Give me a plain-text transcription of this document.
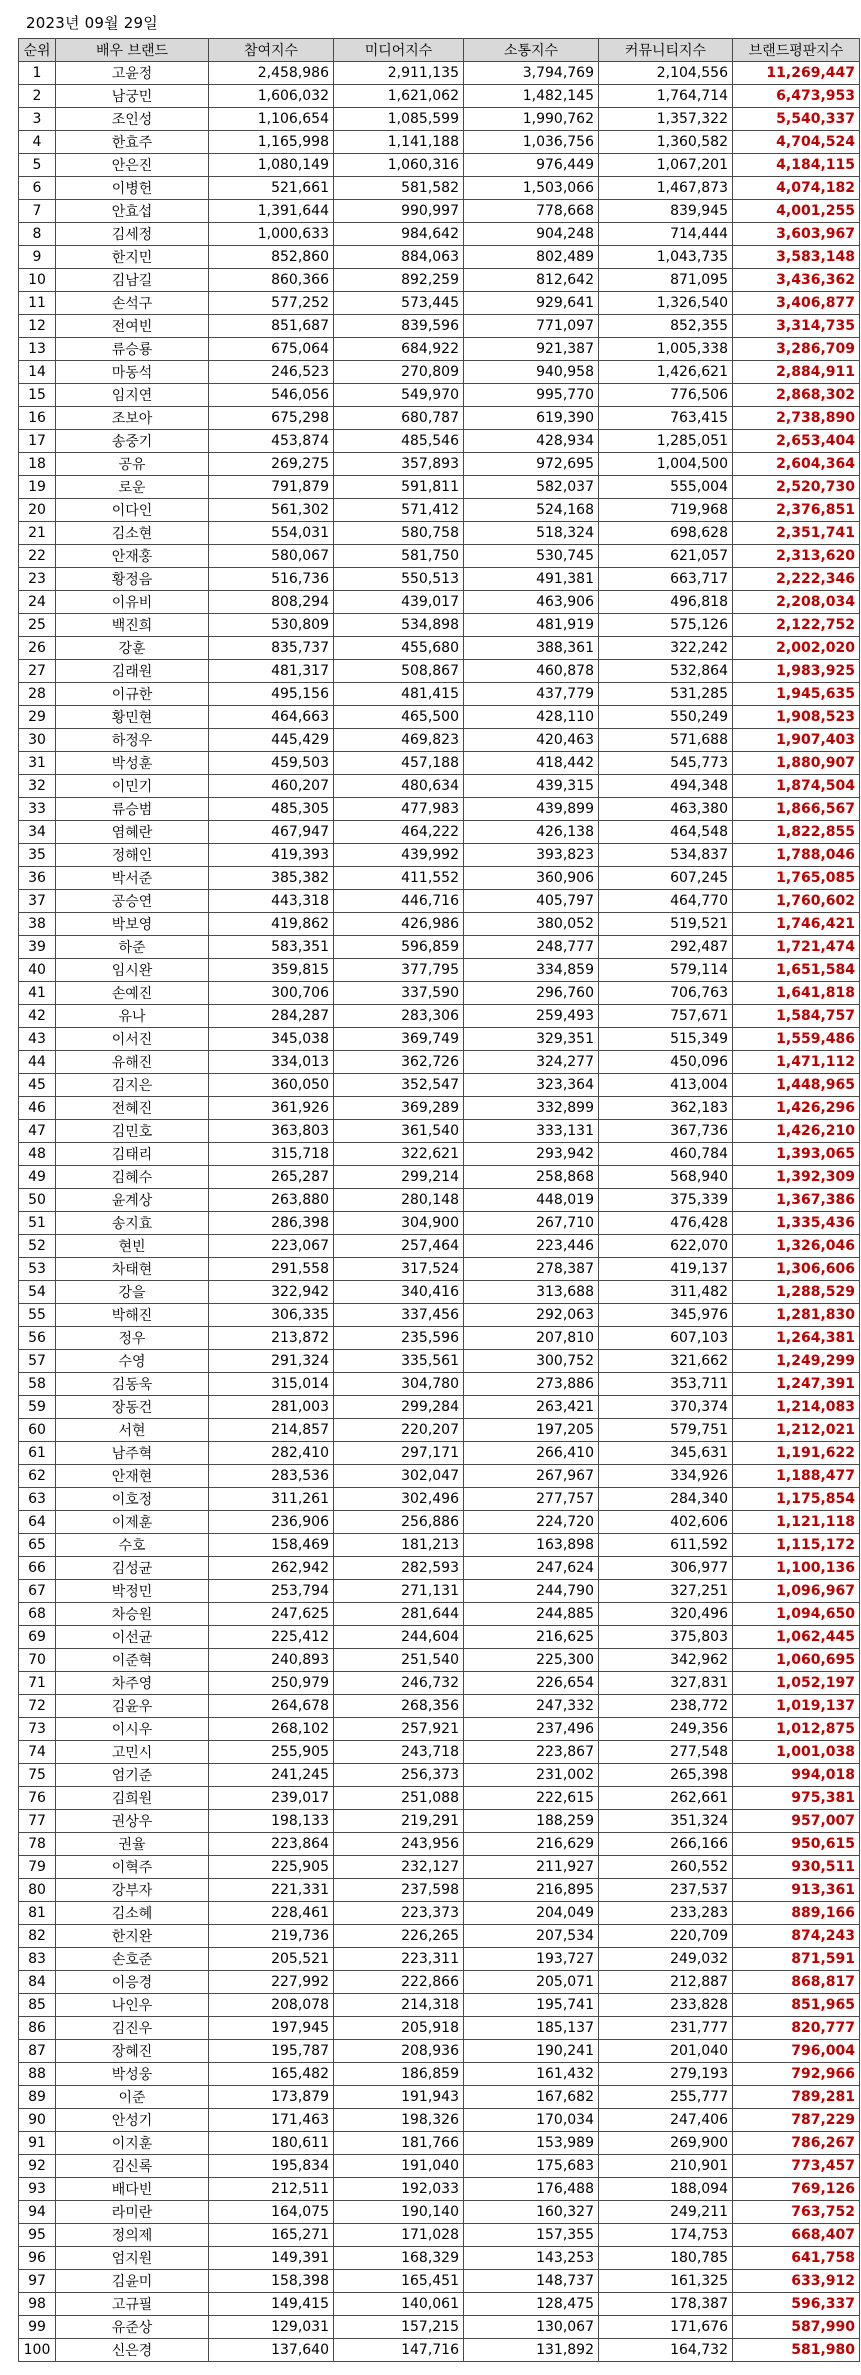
2023년 09월 29일
순위	배우 브랜드	참여지수	미디어지수	소통지수	커뮤니티지수	브랜드평판지수
1	고윤정	2,458,986	2,911,135	3,794,769	2,104,556	11,269,447
2	남궁민	1,606,032	1,621,062	1,482,145	1,764,714	6,473,953
3	조인성	1,106,654	1,085,599	1,990,762	1,357,322	5,540,337
4	한효주	1,165,998	1,141,188	1,036,756	1,360,582	4,704,524
5	안은진	1,080,149	1,060,316	976,449	1,067,201	4,184,115
6	이병헌	521,661	581,582	1,503,066	1,467,873	4,074,182
7	안효섭	1,391,644	990,997	778,668	839,945	4,001,255
8	김세정	1,000,633	984,642	904,248	714,444	3,603,967
9	한지민	852,860	884,063	802,489	1,043,735	3,583,148
10	김남길	860,366	892,259	812,642	871,095	3,436,362
11	손석구	577,252	573,445	929,641	1,326,540	3,406,877
12	전여빈	851,687	839,596	771,097	852,355	3,314,735
13	류승룡	675,064	684,922	921,387	1,005,338	3,286,709
14	마동석	246,523	270,809	940,958	1,426,621	2,884,911
15	임지연	546,056	549,970	995,770	776,506	2,868,302
16	조보아	675,298	680,787	619,390	763,415	2,738,890
17	송중기	453,874	485,546	428,934	1,285,051	2,653,404
18	공유	269,275	357,893	972,695	1,004,500	2,604,364
19	로운	791,879	591,811	582,037	555,004	2,520,730
20	이다인	561,302	571,412	524,168	719,968	2,376,851
21	김소현	554,031	580,758	518,324	698,628	2,351,741
22	안재홍	580,067	581,750	530,745	621,057	2,313,620
23	황정음	516,736	550,513	491,381	663,717	2,222,346
24	이유비	808,294	439,017	463,906	496,818	2,208,034
25	백진희	530,809	534,898	481,919	575,126	2,122,752
26	강훈	835,737	455,680	388,361	322,242	2,002,020
27	김래원	481,317	508,867	460,878	532,864	1,983,925
28	이규한	495,156	481,415	437,779	531,285	1,945,635
29	황민현	464,663	465,500	428,110	550,249	1,908,523
30	하정우	445,429	469,823	420,463	571,688	1,907,403
31	박성훈	459,503	457,188	418,442	545,773	1,880,907
32	이민기	460,207	480,634	439,315	494,348	1,874,504
33	류승범	485,305	477,983	439,899	463,380	1,866,567
34	염혜란	467,947	464,222	426,138	464,548	1,822,855
35	정해인	419,393	439,992	393,823	534,837	1,788,046
36	박서준	385,382	411,552	360,906	607,245	1,765,085
37	공승연	443,318	446,716	405,797	464,770	1,760,602
38	박보영	419,862	426,986	380,052	519,521	1,746,421
39	하준	583,351	596,859	248,777	292,487	1,721,474
40	임시완	359,815	377,795	334,859	579,114	1,651,584
41	손예진	300,706	337,590	296,760	706,763	1,641,818
42	유나	284,287	283,306	259,493	757,671	1,584,757
43	이서진	345,038	369,749	329,351	515,349	1,559,486
44	유해진	334,013	362,726	324,277	450,096	1,471,112
45	김지은	360,050	352,547	323,364	413,004	1,448,965
46	전혜진	361,926	369,289	332,899	362,183	1,426,296
47	김민호	363,803	361,540	333,131	367,736	1,426,210
48	김태리	315,718	322,621	293,942	460,784	1,393,065
49	김혜수	265,287	299,214	258,868	568,940	1,392,309
50	윤계상	263,880	280,148	448,019	375,339	1,367,386
51	송지효	286,398	304,900	267,710	476,428	1,335,436
52	현빈	223,067	257,464	223,446	622,070	1,326,046
53	차태현	291,558	317,524	278,387	419,137	1,306,606
54	강을	322,942	340,416	313,688	311,482	1,288,529
55	박해진	306,335	337,456	292,063	345,976	1,281,830
56	정우	213,872	235,596	207,810	607,103	1,264,381
57	수영	291,324	335,561	300,752	321,662	1,249,299
58	김동욱	315,014	304,780	273,886	353,711	1,247,391
59	장동건	281,003	299,284	263,421	370,374	1,214,083
60	서현	214,857	220,207	197,205	579,751	1,212,021
61	남주혁	282,410	297,171	266,410	345,631	1,191,622
62	안재현	283,536	302,047	267,967	334,926	1,188,477
63	이호정	311,261	302,496	277,757	284,340	1,175,854
64	이제훈	236,906	256,886	224,720	402,606	1,121,118
65	수호	158,469	181,213	163,898	611,592	1,115,172
66	김성균	262,942	282,593	247,624	306,977	1,100,136
67	박정민	253,794	271,131	244,790	327,251	1,096,967
68	차승원	247,625	281,644	244,885	320,496	1,094,650
69	이선균	225,412	244,604	216,625	375,803	1,062,445
70	이준혁	240,893	251,540	225,300	342,962	1,060,695
71	차주영	250,979	246,732	226,654	327,831	1,052,197
72	김윤우	264,678	268,356	247,332	238,772	1,019,137
73	이시우	268,102	257,921	237,496	249,356	1,012,875
74	고민시	255,905	243,718	223,867	277,548	1,001,038
75	엄기준	241,245	256,373	231,002	265,398	994,018
76	김희원	239,017	251,088	222,615	262,661	975,381
77	권상우	198,133	219,291	188,259	351,324	957,007
78	권율	223,864	243,956	216,629	266,166	950,615
79	이혁주	225,905	232,127	211,927	260,552	930,511
80	강부자	221,331	237,598	216,895	237,537	913,361
81	김소혜	228,461	223,373	204,049	233,283	889,166
82	한지완	219,736	226,265	207,534	220,709	874,243
83	손호준	205,521	223,311	193,727	249,032	871,591
84	이응경	227,992	222,866	205,071	212,887	868,817
85	나인우	208,078	214,318	195,741	233,828	851,965
86	김진우	197,945	205,918	185,137	231,777	820,777
87	장혜진	195,787	208,936	190,241	201,040	796,004
88	박성웅	165,482	186,859	161,432	279,193	792,966
89	이준	173,879	191,943	167,682	255,777	789,281
90	안성기	171,463	198,326	170,034	247,406	787,229
91	이지훈	180,611	181,766	153,989	269,900	786,267
92	김신록	195,834	191,040	175,683	210,901	773,457
93	배다빈	212,511	192,033	176,488	188,094	769,126
94	라미란	164,075	190,140	160,327	249,211	763,752
95	정의제	165,271	171,028	157,355	174,753	668,407
96	엄지원	149,391	168,329	143,253	180,785	641,758
97	김윤미	158,398	165,451	148,737	161,325	633,912
98	고규필	149,415	140,061	128,475	178,387	596,337
99	유준상	129,031	157,215	130,067	171,676	587,990
100	신은경	137,640	147,716	131,892	164,732	581,980
